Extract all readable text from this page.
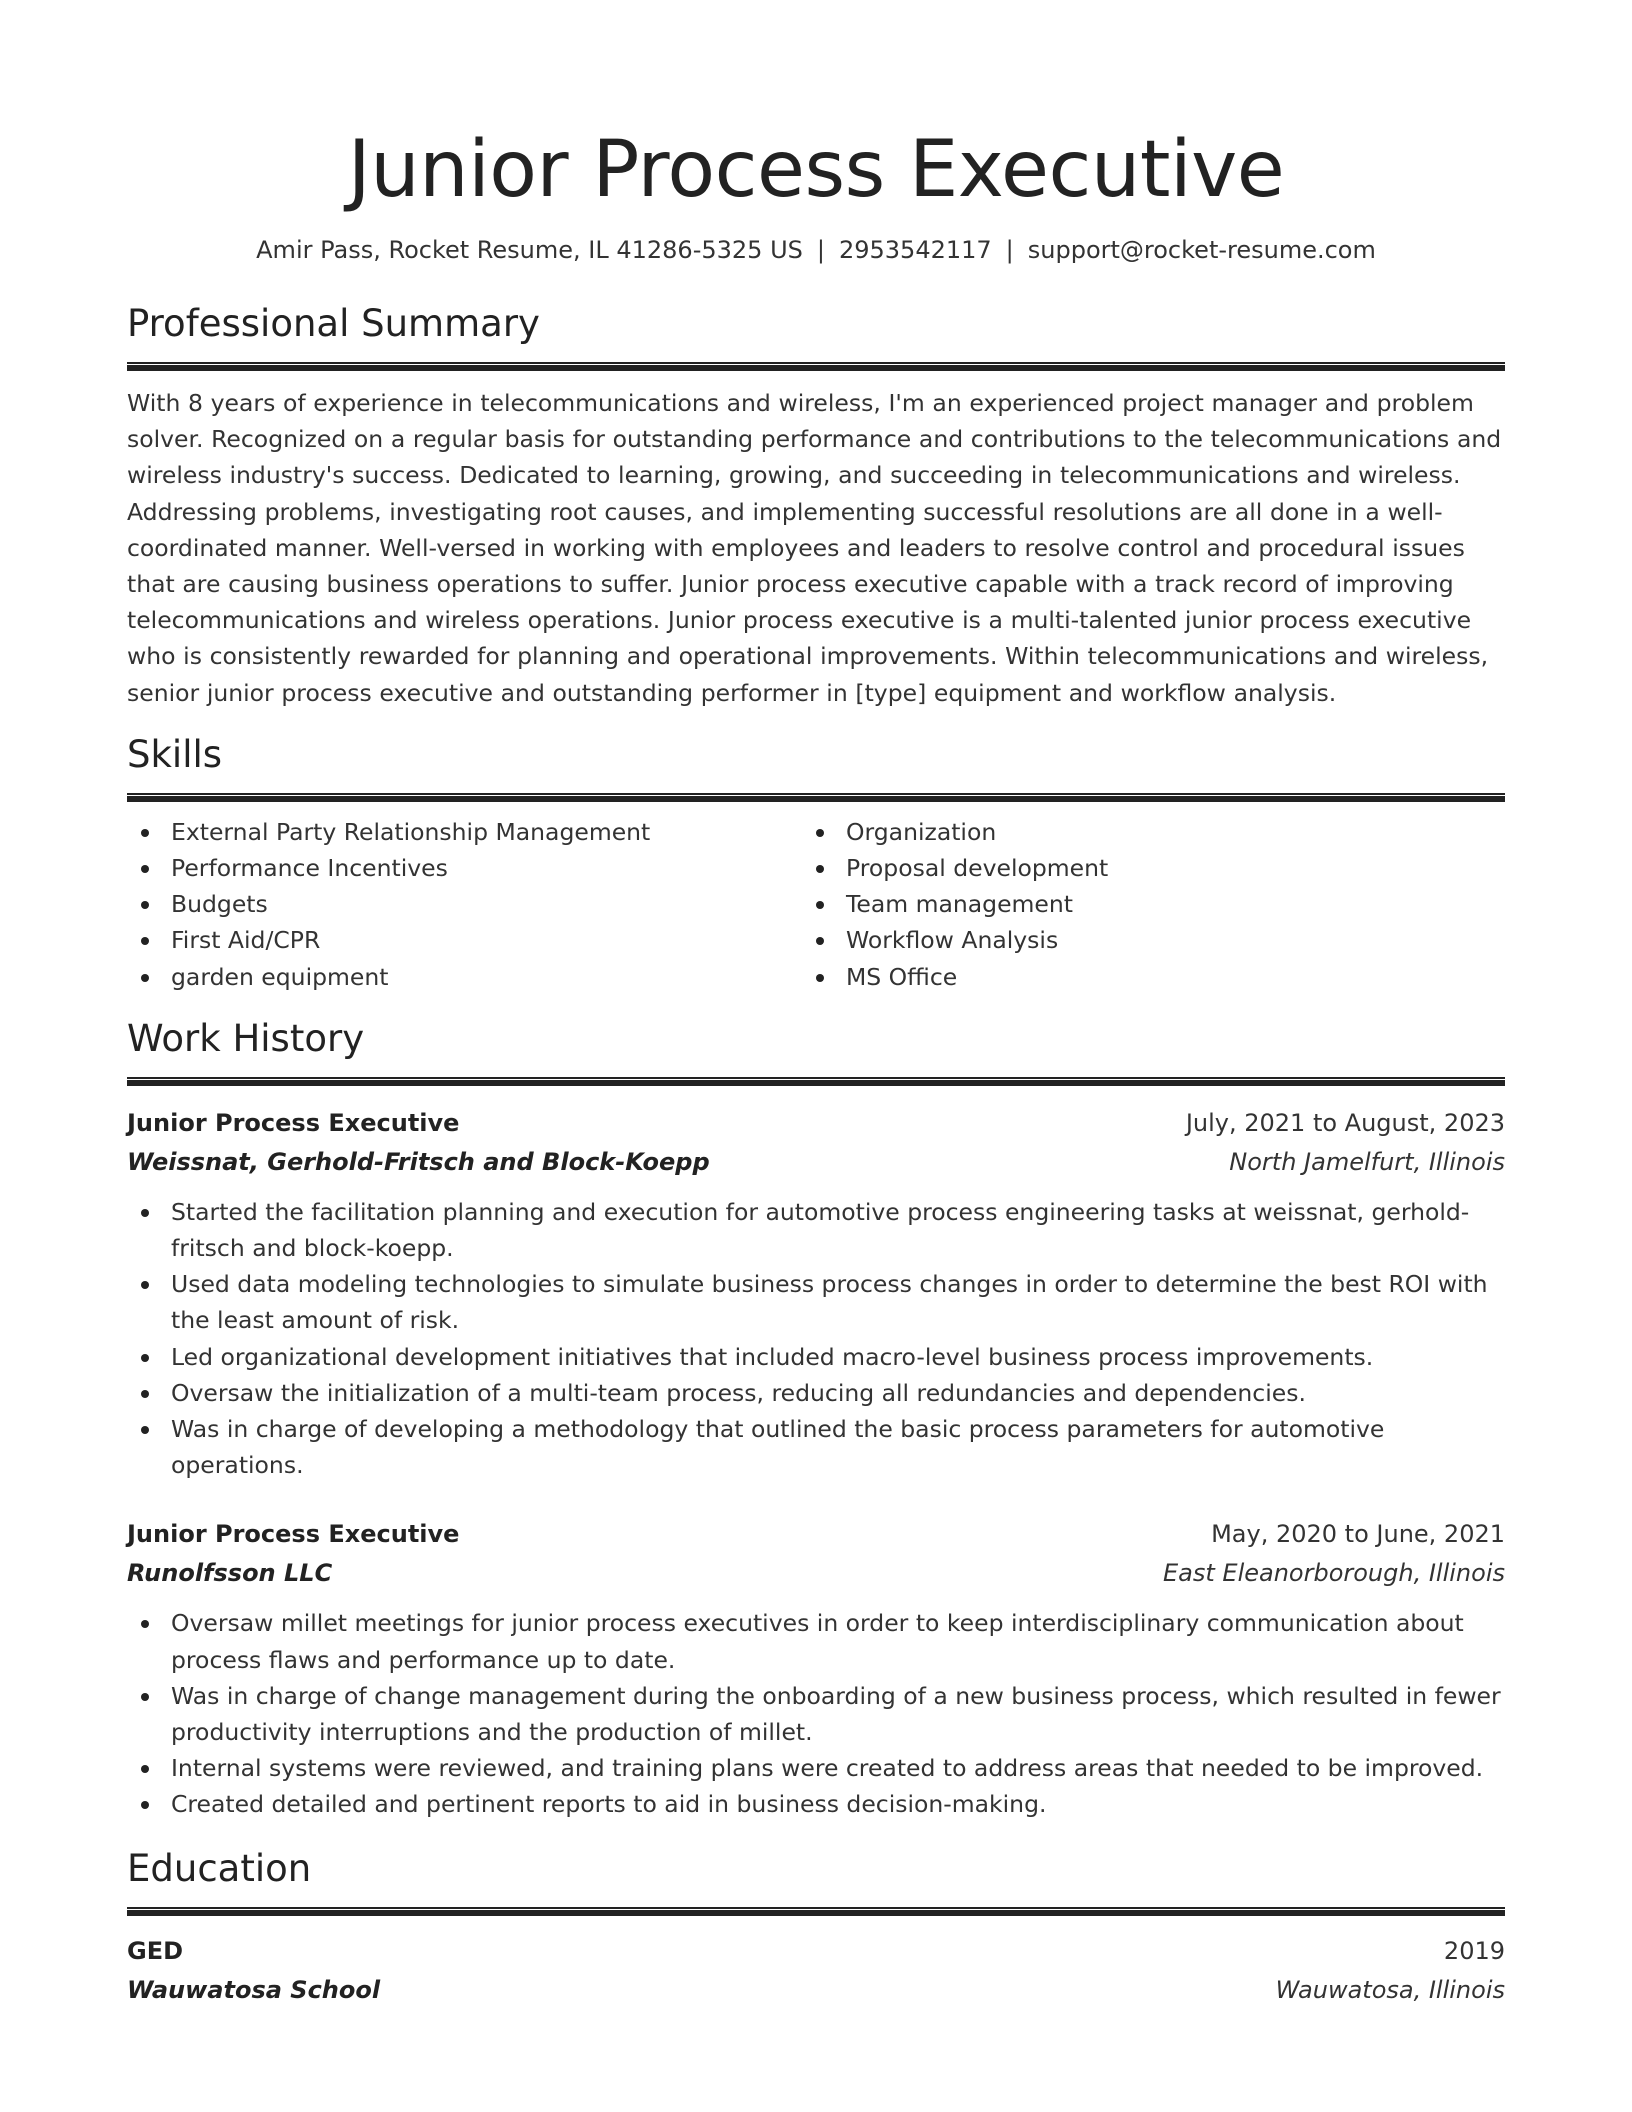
Junior Process Executive
Amir Pass, Rocket Resume, IL 41286-5325 US | 2953542117 | support@rocket-resume.com
Professional Summary

With 8 years of experience in telecommunications and wireless, I'm an experienced project manager and problem solver. Recognized on a regular basis for outstanding performance and contributions to the telecommunications and wireless industry's success. Dedicated to learning, growing, and succeeding in telecommunications and wireless. Addressing problems, investigating root causes, and implementing successful resolutions are all done in a well-coordinated manner. Well-versed in working with employees and leaders to resolve control and procedural issues that are causing business operations to suffer. Junior process executive capable with a track record of improving telecommunications and wireless operations. Junior process executive is a multi-talented junior process executive who is consistently rewarded for planning and operational improvements. Within telecommunications and wireless, senior junior process executive and outstanding performer in [type] equipment and workflow analysis.

Skills
External Party Relationship Management
Performance Incentives
Budgets
First Aid/CPR
garden equipment
Organization
Proposal development
Team management
Workflow Analysis
MS Office
Work History
Junior Process Executive	July, 2021 to August, 2023
Weissnat, Gerhold-Fritsch and Block-Koepp	North Jamelfurt, Illinois
Started the facilitation planning and execution for automotive process engineering tasks at weissnat, gerhold-fritsch and block-koepp.
Used data modeling technologies to simulate business process changes in order to determine the best ROI with the least amount of risk.
Led organizational development initiatives that included macro-level business process improvements.
Oversaw the initialization of a multi-team process, reducing all redundancies and dependencies.
Was in charge of developing a methodology that outlined the basic process parameters for automotive operations.
Junior Process Executive	May, 2020 to June, 2021
Runolfsson LLC	East Eleanorborough, Illinois
Oversaw millet meetings for junior process executives in order to keep interdisciplinary communication about process flaws and performance up to date.
Was in charge of change management during the onboarding of a new business process, which resulted in fewer productivity interruptions and the production of millet.
Internal systems were reviewed, and training plans were created to address areas that needed to be improved.
Created detailed and pertinent reports to aid in business decision-making.
Education
GED	2019
Wauwatosa School	Wauwatosa, Illinois
